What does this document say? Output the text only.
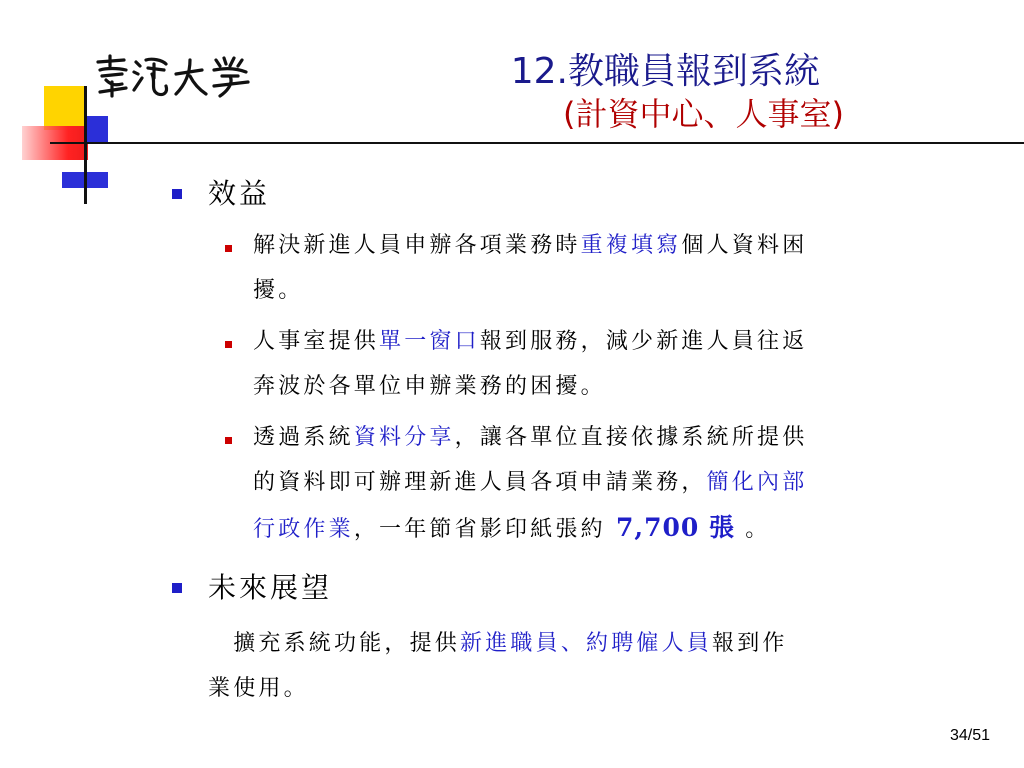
12.教職員報到系統
(計資中心、人事室)
效益
解決新進人員申辦各項業務時重複填寫個人資料困
擾。
人事室提供單一窗口報到服務，減少新進人員往返
奔波於各單位申辦業務的困擾。
透過系統資料分享，讓各單位直接依據系統所提供
的資料即可辦理新進人員各項申請業務，簡化內部
行政作業，一年節省影印紙張約 7,700 張 。
未來展望
　擴充系統功能，提供新進職員、約聘僱人員報到作
業使用。
34/51
